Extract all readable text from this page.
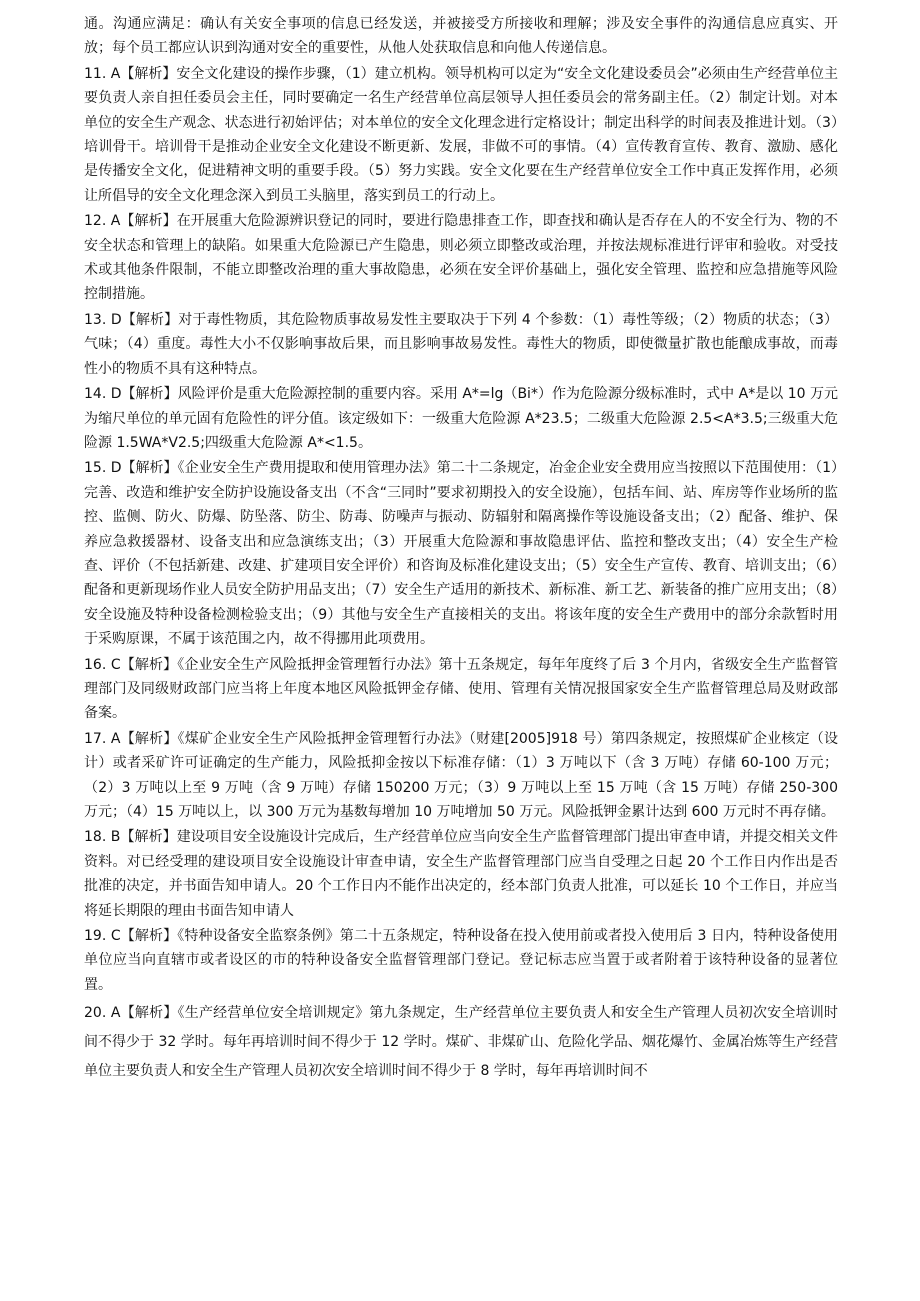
通。沟通应满足：确认有关安全事项的信息已经发送，并被接受方所接收和理解；涉及安全事件的沟通信息应真实、开放；每个员工都应认识到沟通对安全的重要性，从他人处获取信息和向他人传递信息。

11. A【解析】安全文化建设的操作步骤，（1）建立机构。领导机构可以定为“安全文化建设委员会”必须由生产经营单位主要负责人亲自担任委员会主任，同时要确定一名生产经营单位高层领导人担任委员会的常务副主任。（2）制定计划。对本单位的安全生产观念、状态进行初始评估；对本单位的安全文化理念进行定格设计；制定出科学的时间表及推进计划。（3）培训骨干。培训骨干是推动企业安全文化建设不断更新、发展，非做不可的事情。（4）宣传教育宣传、教育、激励、感化是传播安全文化，促进精神文明的重要手段。（5）努力实践。安全文化要在生产经营单位安全工作中真正发挥作用，必须让所倡导的安全文化理念深入到员工头脑里，落实到员工的行动上。

12. A【解析】在开展重大危险源辨识登记的同时，要进行隐患排查工作，即查找和确认是否存在人的不安全行为、物的不安全状态和管理上的缺陷。如果重大危险源已产生隐患，则必须立即整改或治理，并按法规标准进行评审和验收。对受技术或其他条件限制，不能立即整改治理的重大事故隐患，必须在安全评价基础上，强化安全管理、监控和应急措施等风险控制措施。

13. D【解析】对于毒性物质，其危险物质事故易发性主要取决于下列 4 个参数：（1）毒性等级；（2）物质的状态；（3）气味；（4）重度。毒性大小不仅影响事故后果，而且影响事故易发性。毒性大的物质，即使微量扩散也能酿成事故，而毒性小的物质不具有这种特点。

14. D【解析】风险评价是重大危险源控制的重要内容。采用 A*=lg（Bi*）作为危险源分级标准时，式中 A*是以 10 万元为缩尺单位的单元固有危险性的评分值。该定级如下：一级重大危险源 A*23.5；二级重大危险源 2.5<A*3.5;三级重大危险源 1.5WA*V2.5;四级重大危险源 A*<1.5。

15. D【解析】《企业安全生产费用提取和使用管理办法》第二十二条规定，冶金企业安全费用应当按照以下范围使用：（1）完善、改造和维护安全防护设施设备支出（不含“三同时”要求初期投入的安全设施），包括车间、站、库房等作业场所的监控、监侧、防火、防爆、防坠落、防尘、防毒、防噪声与振动、防辐射和隔离操作等设施设备支出；（2）配备、维护、保养应急救援器材、设备支出和应急演练支出；（3）开展重大危险源和事故隐患评估、监控和整改支出；（4）安全生产检查、评价（不包括新建、改建、扩建项目安全评价）和咨询及标准化建设支出；（5）安全生产宣传、教育、培训支出；（6）配备和更新现场作业人员安全防护用品支出；（7）安全生产适用的新技术、新标准、新工艺、新装备的推广应用支出；（8）安全设施及特种设备检测检验支出；（9）其他与安全生产直接相关的支出。将该年度的安全生产费用中的部分余款暂时用于采购原课，不属于该范围之内，故不得挪用此项费用。

16. C【解析】《企业安全生产风险抵押金管理暂行办法》第十五条规定，每年年度终了后 3 个月内，省级安全生产监督管理部门及同级财政部门应当将上年度本地区风险抵钾金存储、使用、管理有关情况报国家安全生产监督管理总局及财政部备案。

17. A【解析】《煤矿企业安全生产风险抵押金管理暂行办法》（财建[2005]918 号）第四条规定，按照煤矿企业核定（设计）或者采矿许可证确定的生产能力，风险抵抑金按以下标准存储：（1）3 万吨以下（含 3 万吨）存储 60-100 万元；（2）3 万吨以上至 9 万吨（含 9 万吨）存储 150200 万元；（3）9 万吨以上至 15 万吨（含 15 万吨）存储 250-300 万元；（4）15 万吨以上，以 300 万元为基数每增加 10 万吨增加 50 万元。风险抵钾金累计达到 600 万元时不再存储。

18. B【解析】建设项目安全设施设计完成后，生产经营单位应当向安全生产监督管理部门提出审查申请，并提交相关文件资料。对已经受理的建设项目安全设施设计审查申请，安全生产监督管理部门应当自受理之日起 20 个工作日内作出是否批准的决定，并书面告知申请人。20 个工作日内不能作出决定的，经本部门负责人批准，可以延长 10 个工作日，并应当将延长期限的理由书面告知申请人

19. C【解析】《特种设备安全监察条例》第二十五条规定，特种设备在投入使用前或者投入使用后 3 日内，特种设备使用单位应当向直辖市或者设区的市的特种设备安全监督管理部门登记。登记标志应当置于或者附着于该特种设备的显著位置。

20. A【解析】《生产经营单位安全培训规定》第九条规定，生产经营单位主要负责人和安全生产管理人员初次安全培训时间不得少于 32 学时。每年再培训时间不得少于 12 学时。煤矿、非煤矿山、危险化学品、烟花爆竹、金属冶炼等生产经营单位主要负责人和安全生产管理人员初次安全培训时间不得少于 8 学时，每年再培训时间不
